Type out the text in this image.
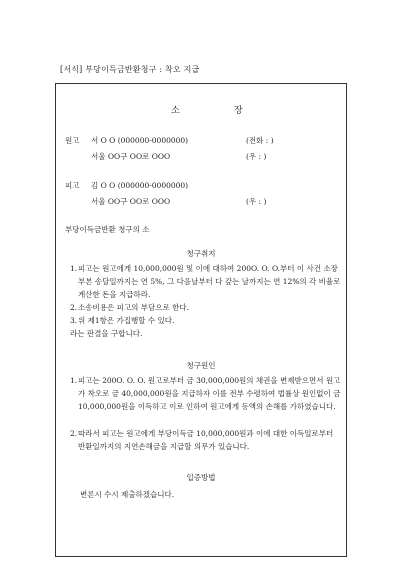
[서식] 부당이득금반환청구 : 착오 지급
소	장
원고 서 O O (000000-0000000)	(전화 : )
서울 OO구 OO로 OOO	(우 : )
피고 김 O O (000000-0000000)
서울 OO구 OO로 OOO	(우 : )
부당이득금반환 청구의 소
청구취지
1. 피고는 원고에게 10,000,000원 및 이에 대하여 200O. O. O.부터 이 사건 소장부본 송달일까지는 연 5%, 그 다음날부터 다 갚는 날까지는 연 12%의 각 비율로 계산한 돈을 지급하라.
2. 소송비용은 피고의 부담으로 한다.
3. 위 제1항은 가집행할 수 있다.
라는 판결을 구합니다.
청구원인
1. 피고는 200O. O. O. 원고로부터 금 30,000,000원의 채권을 변제받으면서 원고가 착오로 금 40,000,000원을 지급하자 이를 전부 수령하여 법률상 원인없이 금 10,000,000원을 이득하고 이로 인하여 원고에게 동액의 손해를 가하였습니다.
2. 따라서 피고는 원고에게 부당이득금 10,000,000원과 이에 대한 이득일로부터 반환일까지의 지연손해금을 지급할 의무가 있습니다.
입증방법
변론시 수시 제출하겠습니다.
